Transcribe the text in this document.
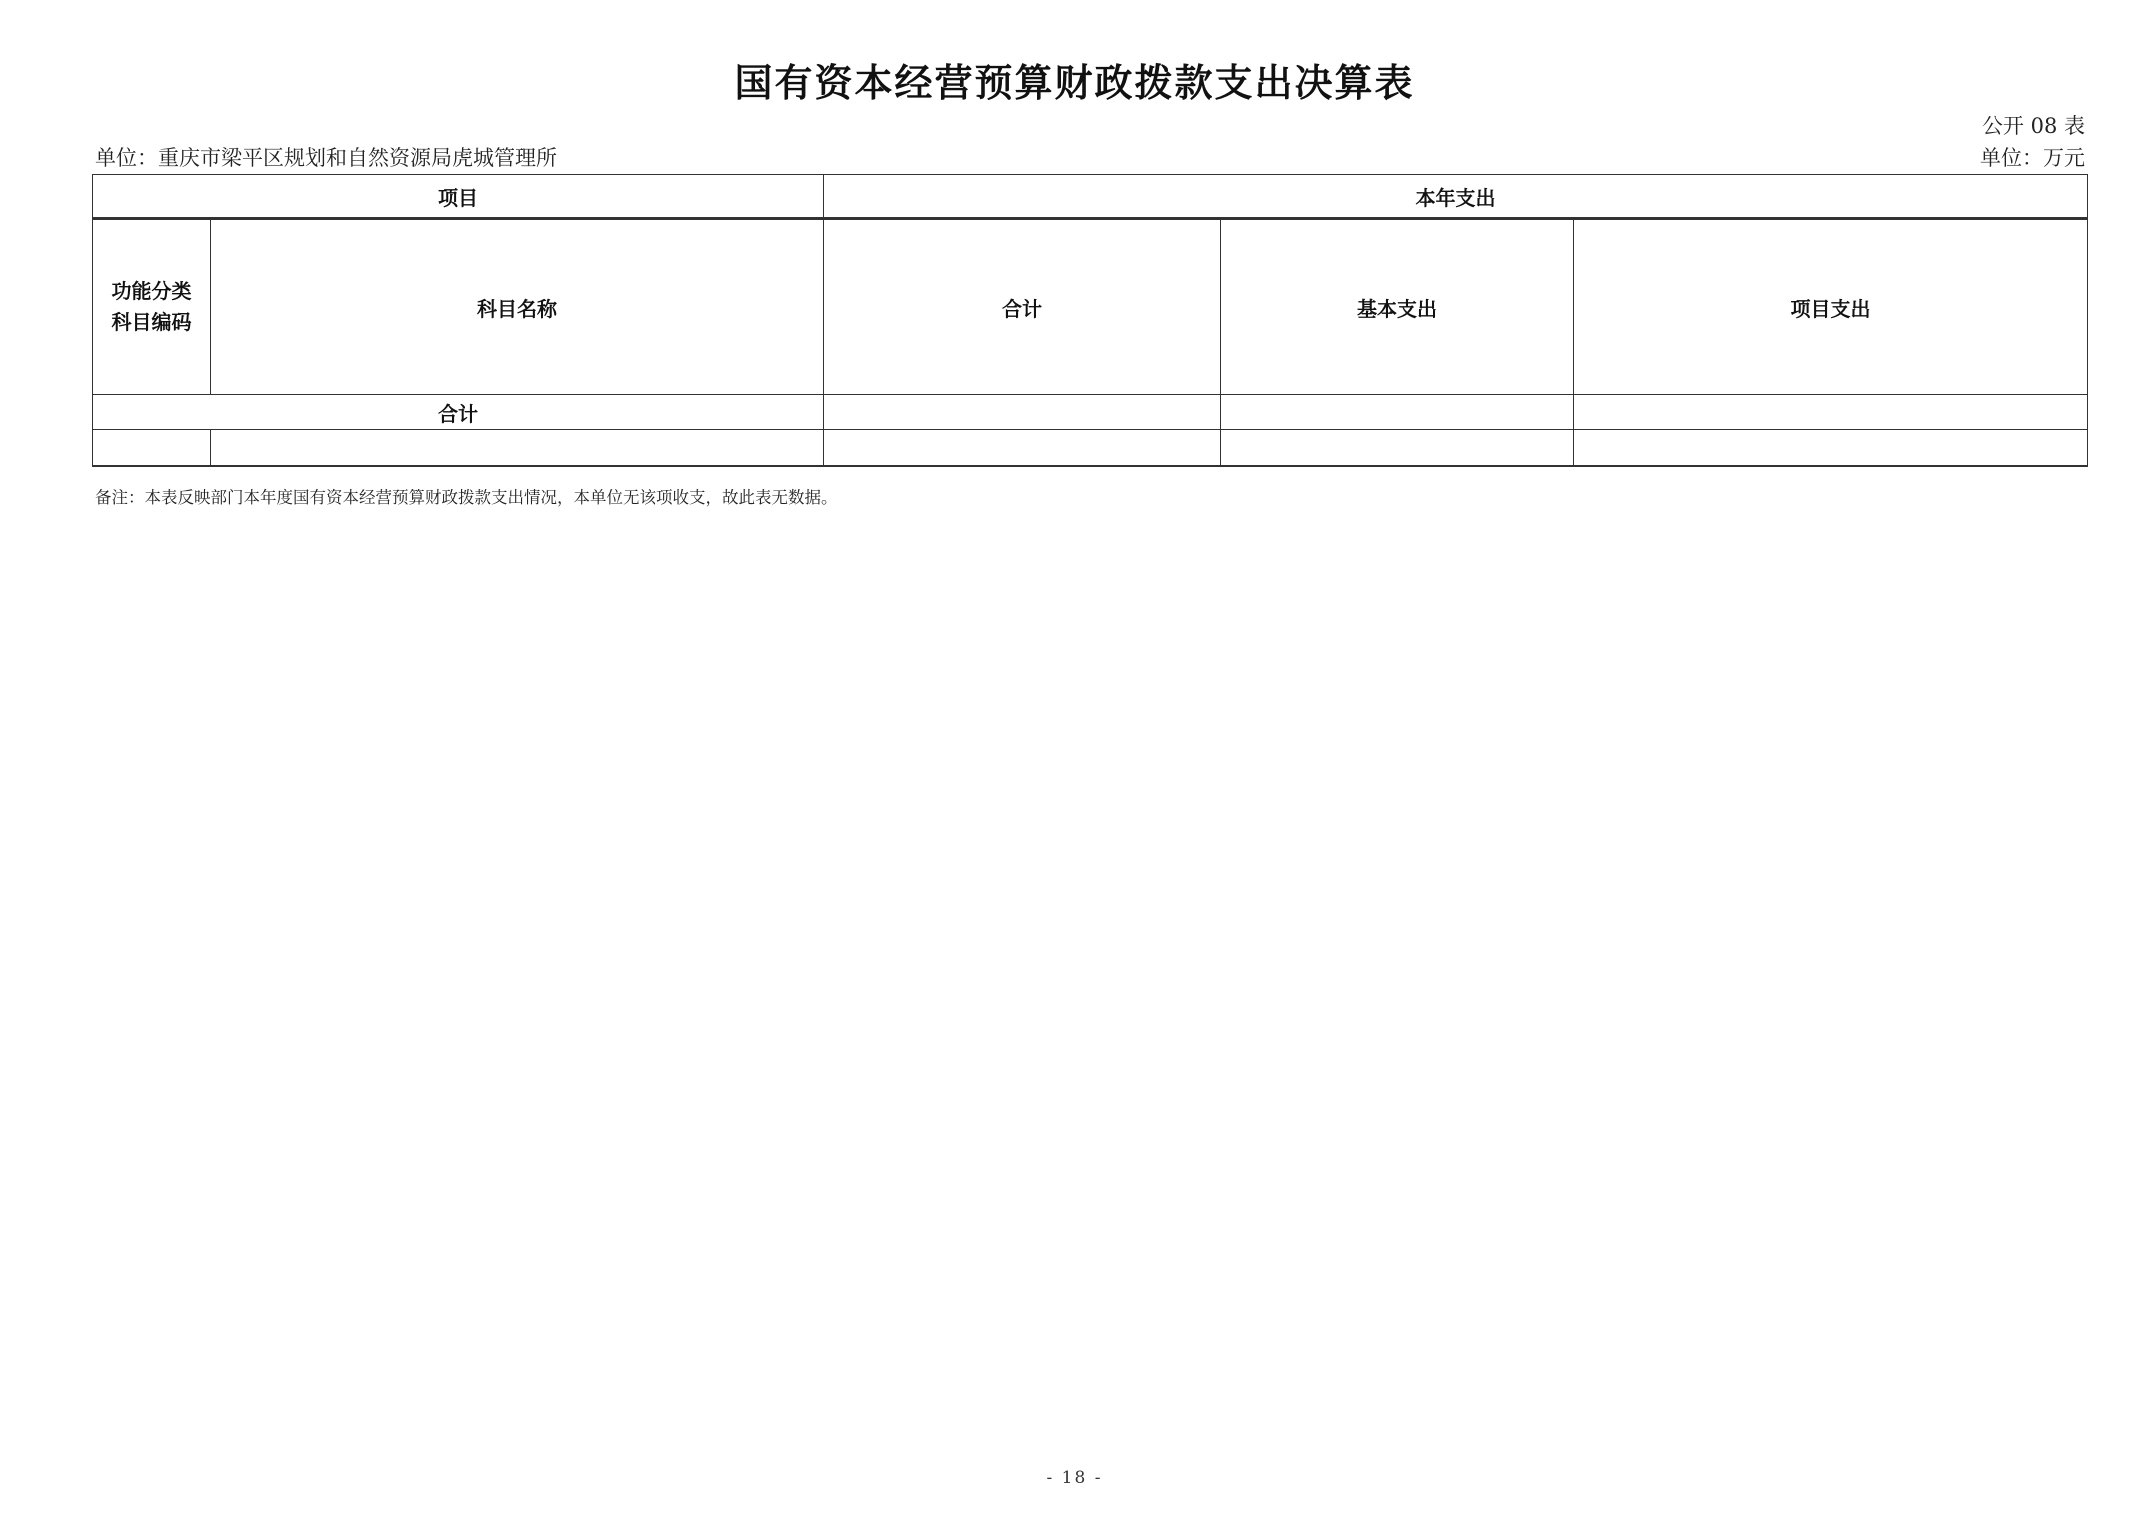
国有资本经营预算财政拨款支出决算表
公开 08 表
单位：重庆市梁平区规划和自然资源局虎城管理所	单位：万元
项目		本年支出		

功能分类
科目编码	科目名称	合计	基本支出	项目支出
合计				

备注：本表反映部门本年度国有资本经营预算财政拨款支出情况，本单位无该项收支，故此表无数据。
- 18 -
